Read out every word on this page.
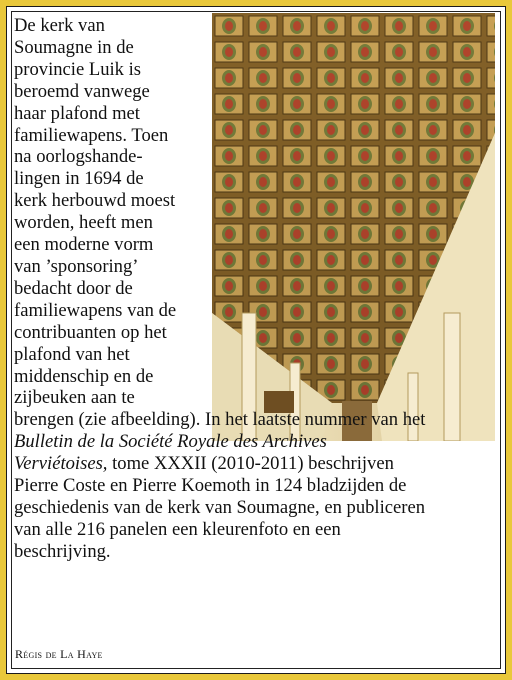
De kerk van
Soumagne in de
provincie Luik is
beroemd vanwege
haar plafond met
familiewapens. Toen
na oorlogshande-
lingen in 1694 de
kerk herbouwd moest
worden, heeft men
een moderne vorm
van ’sponsoring’
bedacht door de
familiewapens van de
contribuanten op het
plafond van het
middenschip en de
zijbeuken aan te
brengen (zie afbeelding). In het laatste nummer van het
Bulletin de la Société Royale des Archives
Verviétoises, tome XXXII (2010-2011) beschrijven
Pierre Coste en Pierre Koemoth in 124 bladzijden de
geschiedenis van de kerk van Soumagne, en publiceren
van alle 216 panelen een kleurenfoto en een
beschrijving.
Régis de La Haye
